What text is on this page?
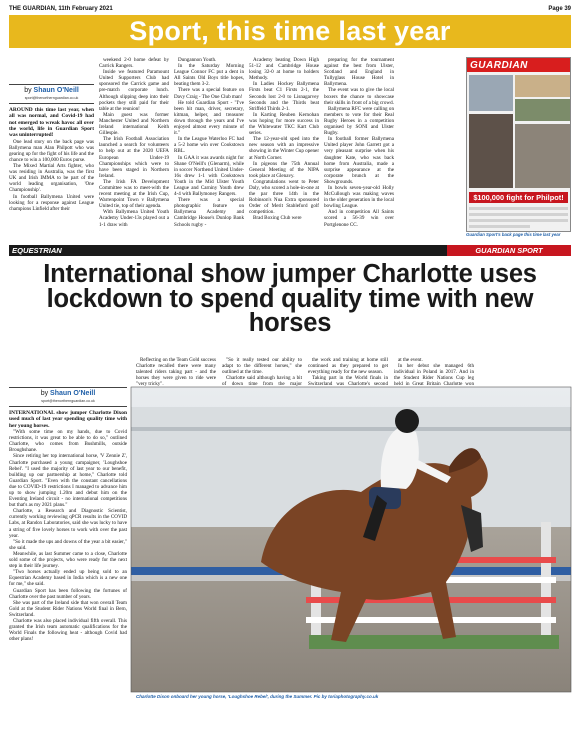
THE GUARDIAN, 11th February 2021	Page 39
Sport, this time last year
by Shaun O'Neill
sport@thenorthernguardian.co.uk

AROUND this time last year, when all was normal, and Covid-19 had not emerged to wreak havoc all over the world, life in Guardian Sport was uninterrupted!

One lead story on the back page was Ballymena man Alan Philpott who was gearing up for the fight of his life and the chance to win a 100,000 Euros purse.

The Mixed Martial Arts fighter, who was residing in Australia, was the first UK and Irish IMMA to be part of the world leading organisation, 'One Championship'.

In football Ballymena United were looking for a response against League champions Linfield after their

weekend 2-0 home defeat by Carrick Rangers.

Inside we featured Paramount United Supporters Club had sponsored the Carrick game and pre-match corporate lunch. Although slipping deep into their pockets they still paid for their table at the reunion!

Main guest was former Manchester United and Northern Ireland international Keith Gillespie.

The Irish Football Association launched a search for volunteers to help out at the 2020 UEFA European Under-19 Championships which were to have been staged in Northern Ireland.

The Irish FA Development Committee was to meet-with the recent meeting at the Irish Cup, Warrenpoint Town v Ballymena United tie, top of their agenda.

With Ballymena United Youth Academy Under-13s played out a 1-1 draw with

Dungannon Youth.

In the Saturday Morning League Connor FC put a dent in All Saints Old Boys title hopes, beating them 3-2.

There was a special feature on Davy Craig - The One Club man!

He told Guardian Sport - "I've been hit man, driver, secretary, kitman, helper, and treasurer down through the years and I've enjoyed almost every minute of it."

In the League Waterloo FC had a 5-2 home win over Cookstown RBL.

In GAA it was awards night for Shane O'Neill's (Glenarm), while in soccer Northend United Under-16s drew 1-1 with Cookstown Youth in the Mid Ulster Youth League and Carniny Youth drew 4-4 with Ballymoney Rangers.

There was a special photographic feature on Ballymena Academy and Cambridge House's Dunlop Bank Schools rugby -

Academy beating Down High 51-12 and Cambridge House losing 32-0 at home to holders Methody.

In Ladies Hockey Ballymena Firsts beat C1 Firsts 2-1, the Seconds lost 2-0 to Lisnagarvey Seconds and the Thirds beat Striffeld Thirds 2-1.

In Karting Reuben Kernohan was hoping for more success in the Whitewater TKC Kart Club series.

The 12-year-old sped into the new season with an impressive showing in the Winter Cup opener at North Corner.

In pigeons the 75th Annual General Meeting of the NIPA took place at Glenavy.

Congratulations went to Peter Daly, who scored a hole-in-one at the par three 14th in the Robinson's Nua Extra sponsored Order of Merit Stableford golf competition.

Brad Boxing Club were

preparing for the tournament against the best from Ulster, Scotland and England in Tullyglass House Hotel in Ballymena.

The event was to give the local boxers the chance to showcase their skills in front of a big crowd.

Ballymena RFC were calling on members to vote for their Real Rugby Heroes in a competition organised by SONI and Ulster Rugby.

In football former Ballymena United player John Garrett got a very pleasant surprise when his daughter Kate, who was back home from Australia, made a surprise appearance at the corporate brunch at the Showgrounds.

In bowls seven-year-old Holly McCullough was making waves in the older generation in the local bowling League.

And in competition All Saints scored a 56-39 win over Portglenone CC.

GUARDIAN
$100,000 fight for Philpot!
Guardian Sport's back page this time last year
EQUESTRIAN	GUARDIAN SPORT
International show jumper Charlotte uses lockdown to spend quality time with new horses
by Shaun O'Neill
sport@thenorthernguardian.co.uk

INTERNATIONAL show jumper Charlotte Dixon used much of last year spending quality time with her young horses.

"With some time on my hands, due to Covid restrictions, it was great to be able to do so," outlined Charlotte, who comes from Bushmills, outside Broughshane.

Since retiring her top international horse, 'V Zennie Z', Charlotte purchased a young campaigner, 'Loughshoe Rebel'. "I used the majority of last year to our benefit, building up our partnership at home," Charlotte told Guardian Sport. "Even with the constant cancellations due to COVID-19 restrictions I managed to advance him up to show jumping 1.20m and debut him on the Eventing Ireland circuit - no international competitions but that's as my 2021 plans."

Charlotte, a Research and Diagnostic Scientist, currently working reviewing qPCR results in the COVID Labs, at Randox Laboratories, said she was lucky to have a string of five lovely horses to work with over the past year.

"So it made the ups and downs of the year a bit easier," she said.

Meanwhile, as last Summer came to a close, Charlotte sold some of the projects, who were ready for the next step in their life journey.

"Two horses actually ended up being sold to an Equestrian Academy based in India which is a new one for me," she said.

Guardian Sport has been following the fortunes of Charlotte over the past number of years.

She was part of the Ireland side that won overall Team Gold at the Student Rider Nations World final in Bern, Switzerland.

Charlotte was also placed individual fifth overall. This granted the Irish team automatic qualifications for the World Finals the following heat - although Covid had other plans!

Reflecting on the Team Gold success Charlotte recalled there were many talented riders taking part - and the horses they were given to ride were "very tricky".

"So it really tested our ability to adapt to the different horses," she outlined at the time.

Charlotte said although having a bit of down time from the major

the work and training at home still continued as they prepared to get everything ready for the new season.

Taking part in the World finals in Switzerland was Charlotte's second

at the event.

In her debut she managed 6th individual in Poland in 2017. And in the Student Rider Nations Cup leg held in Great Britain Charlotte won

Charlotte Dixon onboard her young horse, 'Loughshoe Rebel', during the Summer. Pic by toriaphotography.co.uk
